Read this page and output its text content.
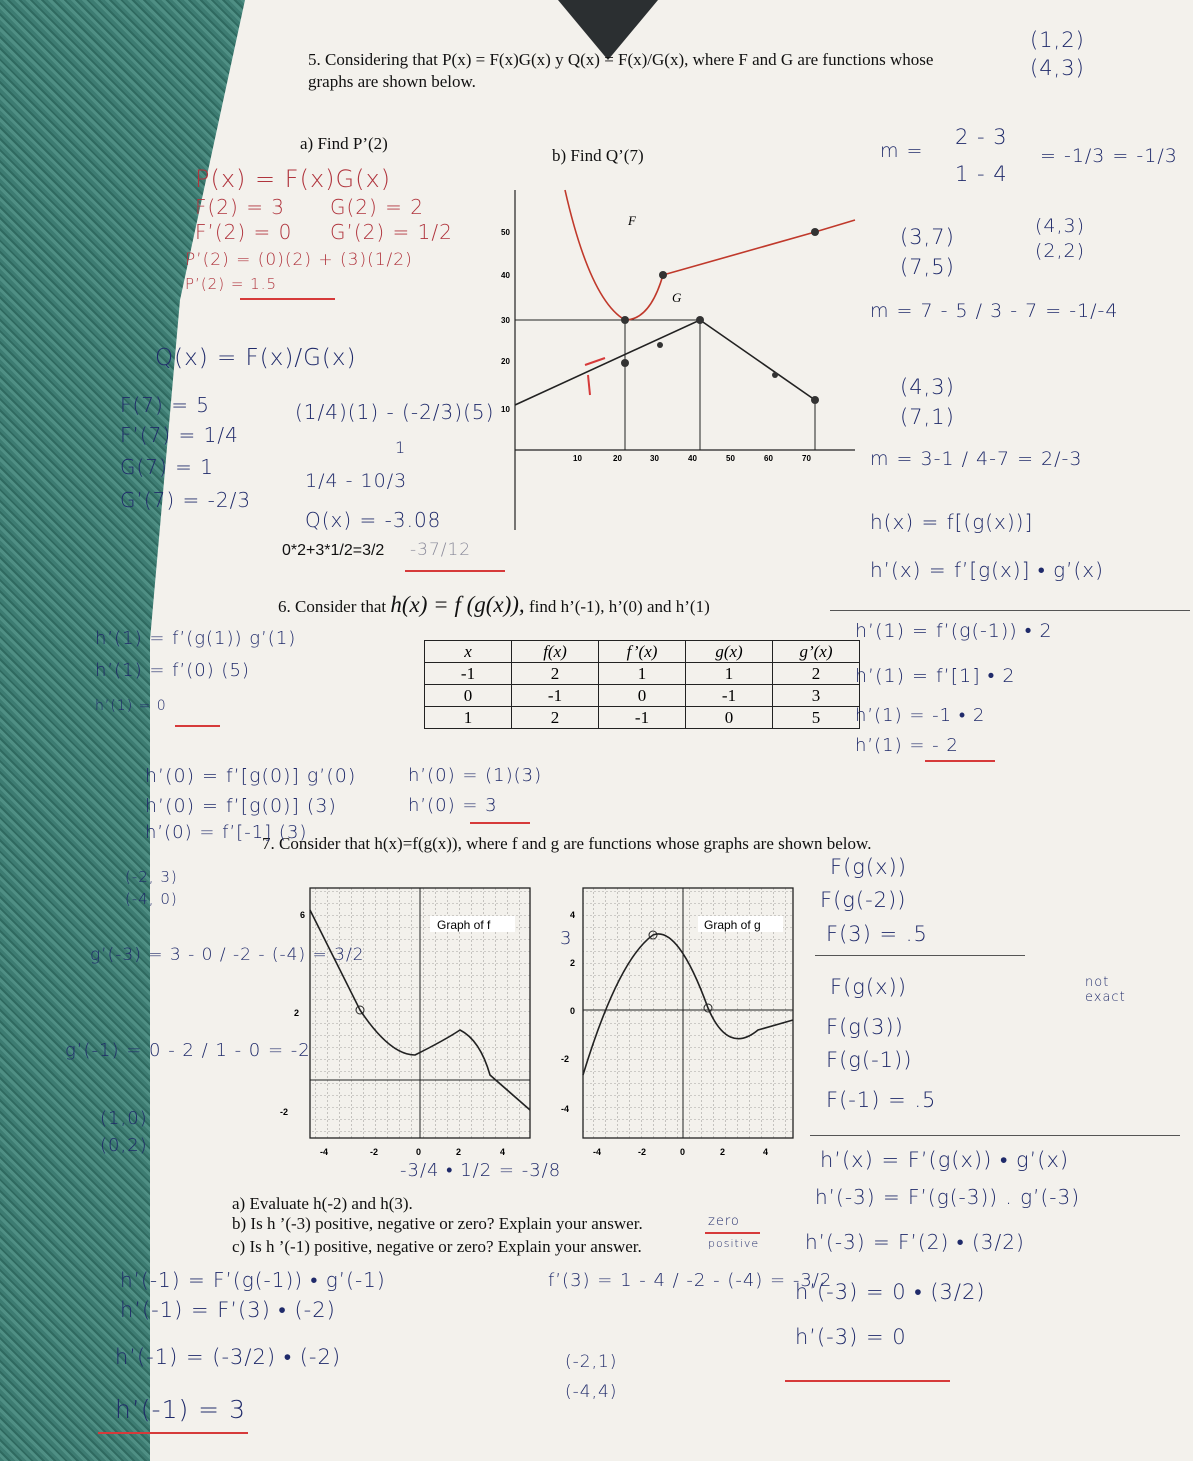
5. Considering that P(x) = F(x)G(x) y Q(x) = F(x)/G(x), where F and G are functions whose
graphs are shown below.
a) Find P’(2)
b) Find Q’(7)
F
G
10	20	30	40	50	60	70
10
20
30
40
50
6. Consider that h(x) = f (g(x)), find h’(-1), h’(0) and h’(1)
x	f(x)	f’(x)	g(x)	g’(x)
-1	2	1	1	2
0	-1	0	-1	3
1	2	-1	0	5
7. Consider that h(x)=f(g(x)), where f and g are functions whose graphs are shown below.
Graph of f
6
2
-2
-4	-2	0	2	4
Graph of g
4
2
0
-2
-4
-4	-2	0	2	4
a) Evaluate h(-2) and h(3).
b) Is h ’(-3) positive, negative or zero? Explain your answer.
c) Is h ’(-1) positive, negative or zero? Explain your answer.
(1,2)
(4,3)
m =
2 - 3
1 - 4
= -1/3 = -1/3
(3,7)
(7,5)
(4,3)
(2,2)
m = 7 - 5 / 3 - 7 = -1/-4
(4,3)
(7,1)
m = 3-1 / 4-7 = 2/-3
h(x) = f[(g(x))]
h’(x) = f’[g(x)] • g’(x)
P(x) = F(x)G(x)
F(2) = 3 G(2) = 2
F’(2) = 0 G’(2) = 1/2
P’(2) = (0)(2) + (3)(1/2)
P’(2) = 1.5
Q(x) = F(x)/G(x)
F(7) = 5
F’(7) = 1/4
G(7) = 1
G’(7) = -2/3
(1/4)(1) - (-2/3)(5)
1
1/4 - 10/3
Q(x) = -3.08
0*2+3*1/2=3/2 -37/12
h’(1) = f’(g(-1)) • 2
h’(1) = f’[1] • 2
h’(1) = -1 • 2
h’(1) = - 2
h’(1) = f’(g(1)) g’(1)
h’(1) = f’(0) (5)
h’(1) = 0
h’(0) = f’[g(0)] g’(0)
h’(0) = f’[g(0)] (3)
h’(0) = f’[-1] (3)
h’(0) = (1)(3)
h’(0) = 3
(-2, 3)
(-4, 0)
g’(-3) = 3 - 0 / -2 - (-4) = 3/2
g’(-1) = 0 - 2 / 1 - 0 = -2
(1,0)
(0,2)
3
F(g(x))
F(g(-2))
F(3) = .5
F(g(x))
F(g(3))
F(g(-1))
F(-1) = .5
not exact
-3/4 • 1/2 = -3/8
zero
positive
h’(x) = F’(g(x)) • g’(x)
h’(-3) = F’(g(-3)) . g’(-3)
h’(-3) = F’(2) • (3/2)
h’(-3) = 0 • (3/2)
h’(-3) = 0
h’(-1) = F’(g(-1)) • g’(-1)
h’(-1) = F’(3) • (-2)
h’(-1) = (-3/2) • (-2)
h’(-1) = 3
f’(3) = 1 - 4 / -2 - (-4) = -3/2
(-2,1)
(-4,4)
